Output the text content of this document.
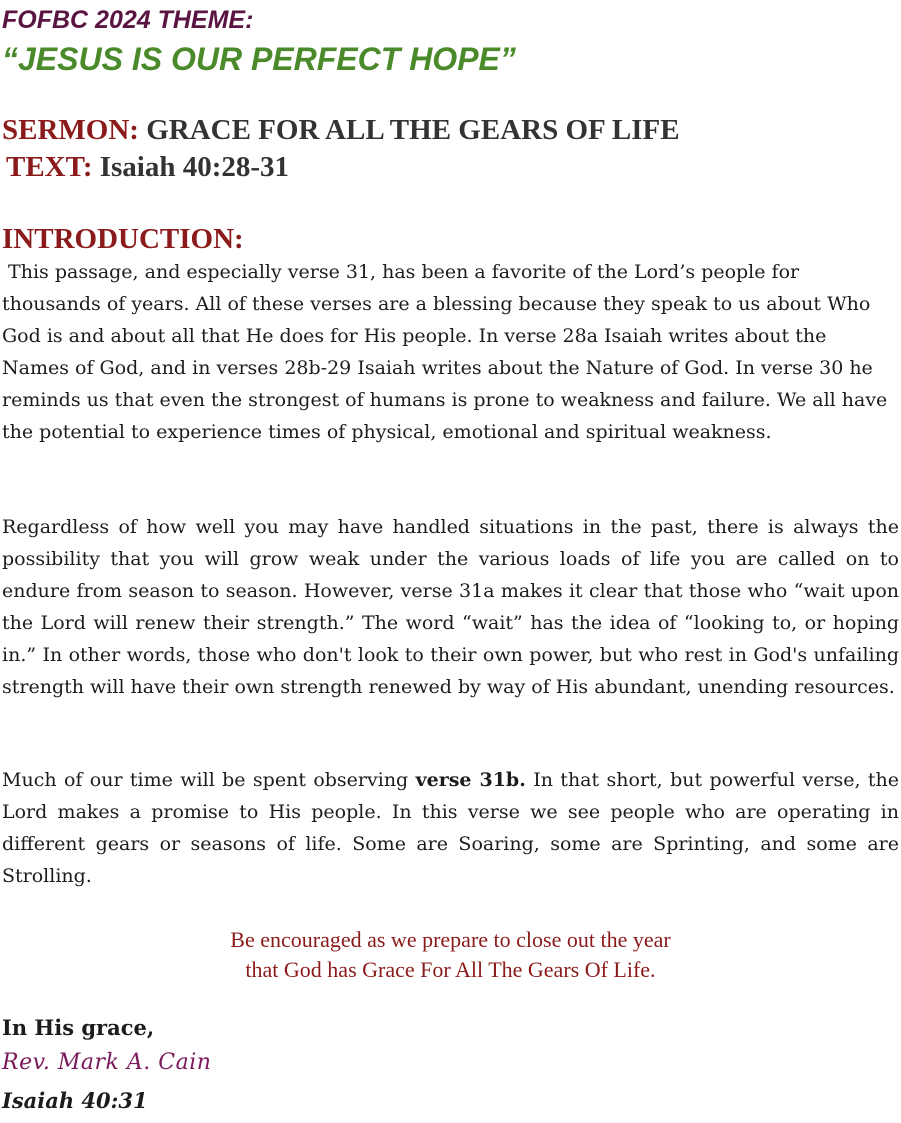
FOFBC 2024 THEME:

“JESUS IS OUR PERFECT HOPE”

SERMON: GRACE FOR ALL THE GEARS OF LIFE

TEXT: Isaiah 40:28-31

INTRODUCTION:

This passage, and especially verse 31, has been a favorite of the Lord’s people for thousands of years. All of these verses are a blessing because they speak to us about Who God is and about all that He does for His people. In verse 28a Isaiah writes about the Names of God, and in verses 28b-29 Isaiah writes about the Nature of God. In verse 30 he reminds us that even the strongest of humans is prone to weakness and failure. We all have the potential to experience times of physical, emotional and spiritual weakness.

Regardless of how well you may have handled situations in the past, there is always the possibility that you will grow weak under the various loads of life you are called on to endure from season to season. However, verse 31a makes it clear that those who “wait upon the Lord will renew their strength.” The word “wait” has the idea of “looking to, or hoping in.” In other words, those who don't look to their own power, but who rest in God's unfailing strength will have their own strength renewed by way of His abundant, unending resources.

Much of our time will be spent observing verse 31b. In that short, but powerful verse, the Lord makes a promise to His people. In this verse we see people who are operating in different gears or seasons of life. Some are Soaring, some are Sprinting, and some are Strolling.

Be encouraged as we prepare to close out the year
that God has Grace For All The Gears Of Life.

In His grace,

Rev. Mark A. Cain

Isaiah 40:31
